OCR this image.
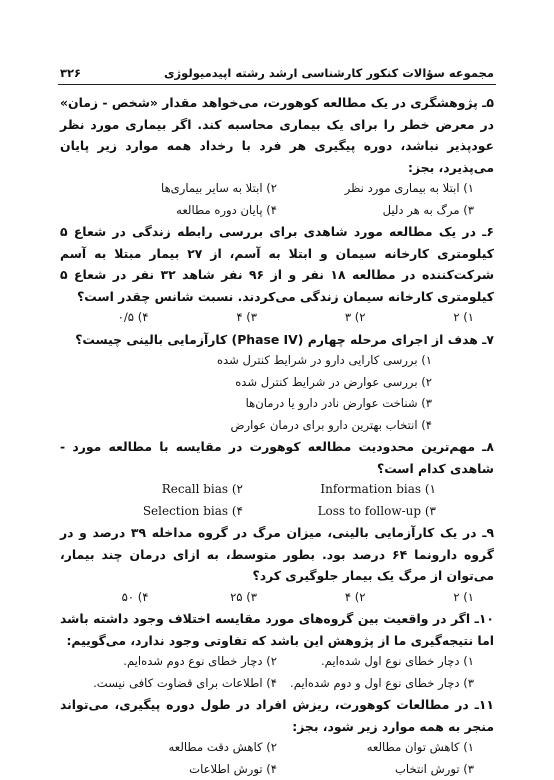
مجموعه سؤالات کنکور کارشناسی ارشد رشته اپیدمیولوژی
۳۲۶
۵ـ پژوهشگری در یک مطالعه کوهورت، می‌خواهد مقدار «شخص - زمان» در معرض خطر را برای یک بیماری محاسبه کند. اگر بیماری مورد نظر عودپذیر نباشد، دوره پیگیری هر فرد با رخداد همه موارد زیر پایان می‌پذیرد، بجز:
۱) ابتلا به بیماری مورد نظر
۲) ابتلا به سایر بیماری‌ها
۳) مرگ به هر دلیل
۴) پایان دوره مطالعه
۶ـ در یک مطالعه مورد شاهدی برای بررسی رابطه زندگی در شعاع ۵ کیلومتری کارخانه سیمان و ابتلا به آسم، از ۲۷ بیمار مبتلا به آسم شرکت‌کننده در مطالعه ۱۸ نفر و از ۹۶ نفر شاهد ۳۲ نفر در شعاع ۵ کیلومتری کارخانه سیمان زندگی می‌کردند. نسبت شانس چقدر است؟
۱) ۲
۲) ۳
۳) ۴
۴) ۰/۵
۷ـ هدف از اجرای مرحله چهارم (Phase IV) کارآزمایی بالینی چیست؟
۱) بررسی کارایی دارو در شرایط کنترل شده
۲) بررسی عوارض در شرایط کنترل شده
۳) شناخت عوارض نادر دارو یا درمان‌ها
۴) انتخاب بهترین دارو برای درمان عوارض
۸ـ مهم‌ترین محدودیت مطالعه کوهورت در مقایسه با مطالعه مورد - شاهدی کدام است؟
Recall bias (۲	Information bias (۱
Selection bias (۴	Loss to follow-up (۳
۹ـ در یک کارآزمایی بالینی، میزان مرگ در گروه مداخله ۳۹ درصد و در گروه دارونما ۶۴ درصد بود. بطور متوسط، به ازای درمان چند بیمار، می‌توان از مرگ یک بیمار جلوگیری کرد؟
۱) ۲
۲) ۴
۳) ۲۵
۴) ۵۰
۱۰ـ اگر در واقعیت بین گروه‌های مورد مقایسه اختلاف وجود داشته باشد اما نتیجه‌گیری ما از پژوهش این باشد که تفاوتی وجود ندارد، می‌گوییم:
۱) دچار خطای نوع اول شده‌ایم.
۲) دچار خطای نوع دوم شده‌ایم.
۳) دچار خطای نوع اول و دوم شده‌ایم.
۴) اطلاعات برای قضاوت کافی نیست.
۱۱ـ در مطالعات کوهورت، ریزش افراد در طول دوره پیگیری، می‌تواند منجر به همه موارد زیر شود، بجز:
۱) کاهش توان مطالعه
۲) کاهش دقت مطالعه
۳) تورش انتخاب
۴) تورش اطلاعات
